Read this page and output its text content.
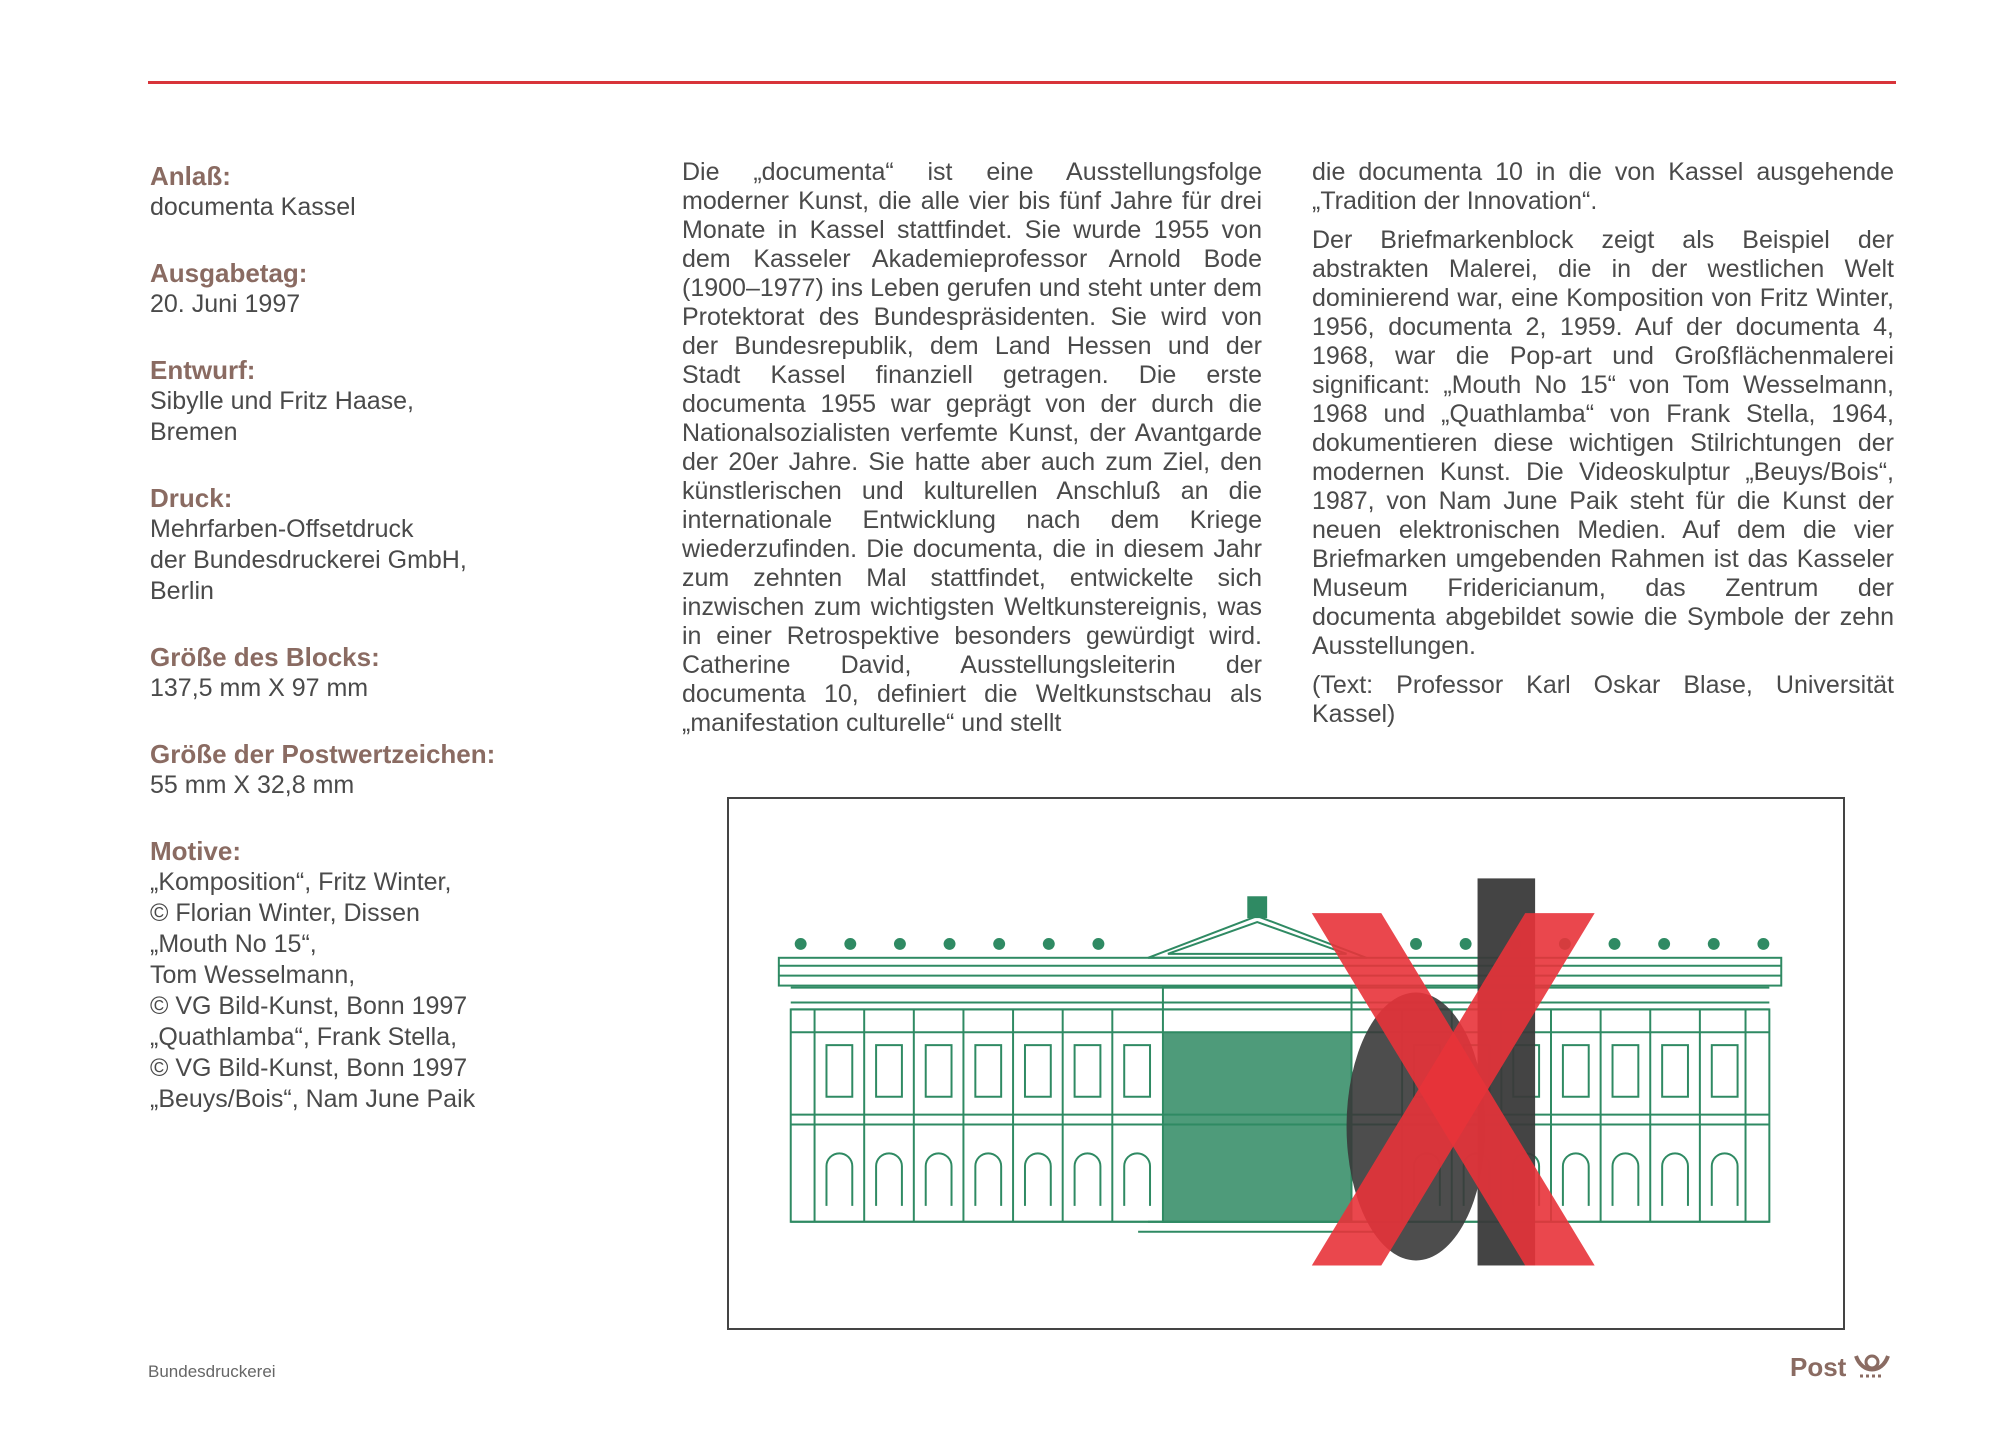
Anlaß:
documenta Kassel
Ausgabetag:
20. Juni 1997
Entwurf:
Sibylle und Fritz Haase,
Bremen
Druck:
Mehrfarben-Offsetdruck
der Bundesdruckerei GmbH,
Berlin
Größe des Blocks:
137,5 mm X 97 mm
Größe der Postwertzeichen:
55 mm X 32,8 mm
Motive:
„Komposition“, Fritz Winter,
© Florian Winter, Dissen
„Mouth No 15“,
Tom Wesselmann,
© VG Bild-Kunst, Bonn 1997
„Quathlamba“, Frank Stella,
© VG Bild-Kunst, Bonn 1997
„Beuys/Bois“, Nam June Paik

Die „documenta“ ist eine Ausstellungsfolge moderner Kunst, die alle vier bis fünf Jahre für drei Monate in Kassel stattfindet. Sie wurde 1955 von dem Kasseler Akademieprofessor Arnold Bode (1900–1977) ins Leben gerufen und steht unter dem Protektorat des Bundespräsidenten. Sie wird von der Bundesrepublik, dem Land Hessen und der Stadt Kassel finanziell getragen. Die erste documenta 1955 war geprägt von der durch die Nationalsozialisten verfemte Kunst, der Avantgarde der 20er Jahre. Sie hatte aber auch zum Ziel, den künstlerischen und kulturellen Anschluß an die internationale Entwicklung nach dem Kriege wiederzufinden. Die documenta, die in diesem Jahr zum zehnten Mal stattfindet, entwickelte sich inzwischen zum wichtigsten Weltkunstereignis, was in einer Retrospektive besonders gewürdigt wird. Catherine David, Ausstellungsleiterin der documenta 10, definiert die Weltkunstschau als „manifestation culturelle“ und stellt

die documenta 10 in die von Kassel ausgehende „Tradition der Innovation“.

Der Briefmarkenblock zeigt als Beispiel der abstrakten Malerei, die in der westlichen Welt dominierend war, eine Komposition von Fritz Winter, 1956, documenta 2, 1959. Auf der documenta 4, 1968, war die Pop-art und Großflächenmalerei significant: „Mouth No 15“ von Tom Wesselmann, 1968 und „Quathlamba“ von Frank Stella, 1964, dokumentieren diese wichtigen Stilrichtungen der modernen Kunst. Die Videoskulptur „Beuys/Bois“, 1987, von Nam June Paik steht für die Kunst der neuen elektronischen Medien. Auf dem die vier Briefmarken umgebenden Rahmen ist das Kasseler Museum Fridericianum, das Zentrum der documenta abgebildet sowie die Symbole der zehn Ausstellungen.

(Text: Professor Karl Oskar Blase, Universität Kassel)

Bundesdruckerei	Post
